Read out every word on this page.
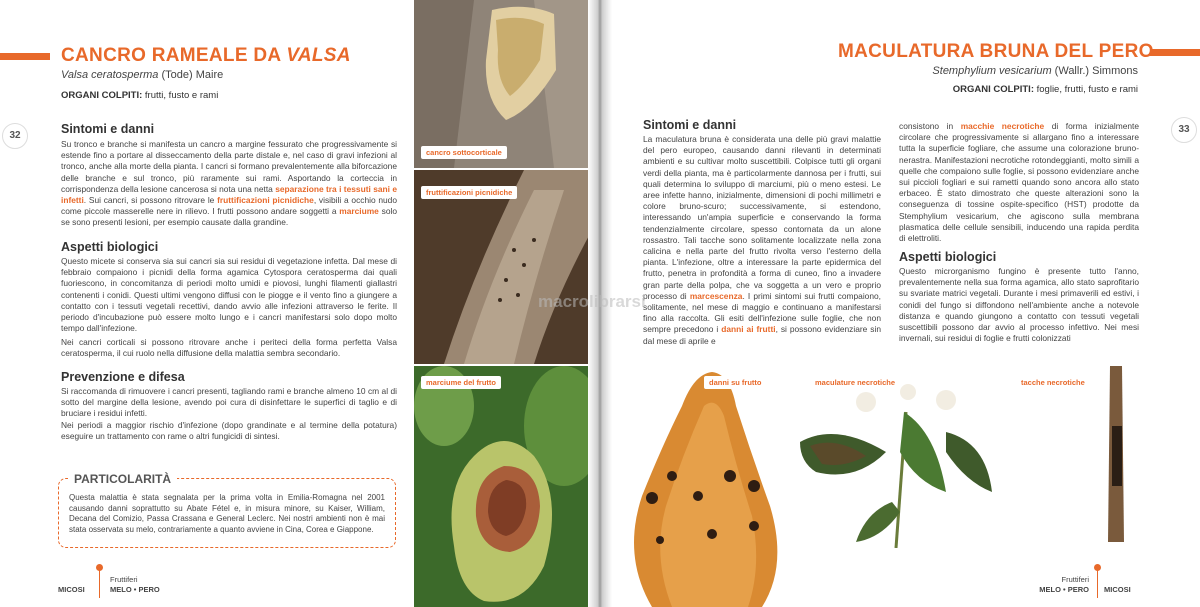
CANCRO RAMEALE DA VALSA
Valsa ceratosperma (Tode) Maire
ORGANI COLPITI: frutti, fusto e rami
32	Sintomi e danni
Su tronco e branche si manifesta un cancro a margine fessurato che progressivamente si estende fino a portare al disseccamento della parte distale e, nel caso di gravi infezioni al tronco, anche alla morte della pianta. I cancri si formano prevalentemente alla biforcazione delle branche e sul tronco, più raramente sui rami. Asportando la corteccia in corrispondenza della lesione cancerosa si nota una netta separazione tra i tessuti sani e infetti. Sui cancri, si possono ritrovare le fruttificazioni picnidiche, visibili a occhio nudo come piccole masserelle nere in rilievo. I frutti possono andare soggetti a marciume solo se sono presenti lesioni, per esempio causate dalla grandine.
Aspetti biologici
Questo micete si conserva sia sui cancri sia sui residui di vegetazione infetta. Dal mese di febbraio compaiono i picnidi della forma agamica Cytospora ceratosperma dai quali fuoriescono, in concomitanza di periodi molto umidi e piovosi, lunghi filamenti giallastri contenenti i conidi. Questi ultimi vengono diffusi con le piogge e il vento fino a giungere a contatto con i tessuti vegetali recettivi, dando avvio alle infezioni attraverso le ferite. Il periodo d'incubazione può essere molto lungo e i cancri manifestarsi solo dopo molto tempo dall'infezione.
Nei cancri corticali si possono ritrovare anche i periteci della forma perfetta Valsa ceratosperma, il cui ruolo nella diffusione della malattia sembra secondario.
Prevenzione e difesa
Si raccomanda di rimuovere i cancri presenti, tagliando rami e branche almeno 10 cm al di sotto del margine della lesione, avendo poi cura di disinfettare le superfici di taglio e di bruciare i residui infetti.
Nei periodi a maggior rischio d'infezione (dopo grandinate e al termine della potatura) eseguire un trattamento con rame o altri fungicidi di sintesi.
Questa malattia è stata segnalata per la prima volta in Emilia-Romagna nel 2001 causando danni soprattutto su Abate Fétel e, in misura minore, su Kaiser, William, Decana del Comizio, Passa Crassana e General Leclerc. Nei nostri ambienti non è mai stata osservata su melo, contrariamente a quanto avviene in Cina, Corea e Giappone.
PARTICOLARITÀ
MICOSI
Fruttiferi
MELO • PERO
cancro sottocorticale
fruttificazioni picnidiche
marciume del frutto
MACULATURA BRUNA DEL PERO
Stemphylium vesicarium (Wallr.) Simmons
ORGANI COLPITI: foglie, frutti, fusto e rami
33
Sintomi e danni
La maculatura bruna è considerata una delle più gravi malattie del pero europeo, causando danni rilevanti in determinati ambienti e su cultivar molto suscettibili. Colpisce tutti gli organi verdi della pianta, ma è particolarmente dannosa per i frutti, sui quali determina lo sviluppo di marciumi, più o meno estesi. Le aree infette hanno, inizialmente, dimensioni di pochi millimetri e colore bruno-scuro; successivamente, si estendono, interessando un'ampia superficie e conservando la forma tendenzialmente circolare, spesso contornata da un alone rossastro. Tali tacche sono solitamente localizzate nella zona calicina e nella parte del frutto rivolta verso l'esterno della pianta. L'infezione, oltre a interessare la parte epidermica del frutto, penetra in profondità a forma di cuneo, fino a invadere gran parte della polpa, che va soggetta a un vero e proprio processo di marcescenza. I primi sintomi sui frutti compaiono, solitamente, nel mese di maggio e continuano a manifestarsi fino alla raccolta. Gli esiti dell'infezione sulle foglie, che non sempre precedono i danni ai frutti, si possono evidenziare sin dal mese di aprile e
consistono in macchie necrotiche di forma inizialmente circolare che progressivamente si allargano fino a interessare tutta la superficie fogliare, che assume una colorazione bruno-nerastra. Manifestazioni necrotiche rotondeggianti, molto simili a quelle che compaiono sulle foglie, si possono evidenziare anche sui piccioli fogliari e sui rametti quando sono ancora allo stato erbaceo. È stato dimostrato che queste alterazioni sono la conseguenza di tossine ospite-specifico (HST) prodotte da Stemphylium vesicarium, che agiscono sulla membrana plasmatica delle cellule sensibili, inducendo una rapida perdita di elettroliti.
Aspetti biologici
Questo microrganismo fungino è presente tutto l'anno, prevalentemente nella sua forma agamica, allo stato saprofitario su svariate matrici vegetali. Durante i mesi primaverili ed estivi, i conidi del fungo si diffondono nell'ambiente anche a notevole distanza e quando giungono a contatto con tessuti vegetali suscettibili possono dar avvio al processo infettivo. Nei mesi invernali, sui residui di foglie e frutti colonizzati
danni su frutto	maculature necrotiche	tacche necrotiche
Fruttiferi
MELO • PERO MICOSI
macrolibrarsi
